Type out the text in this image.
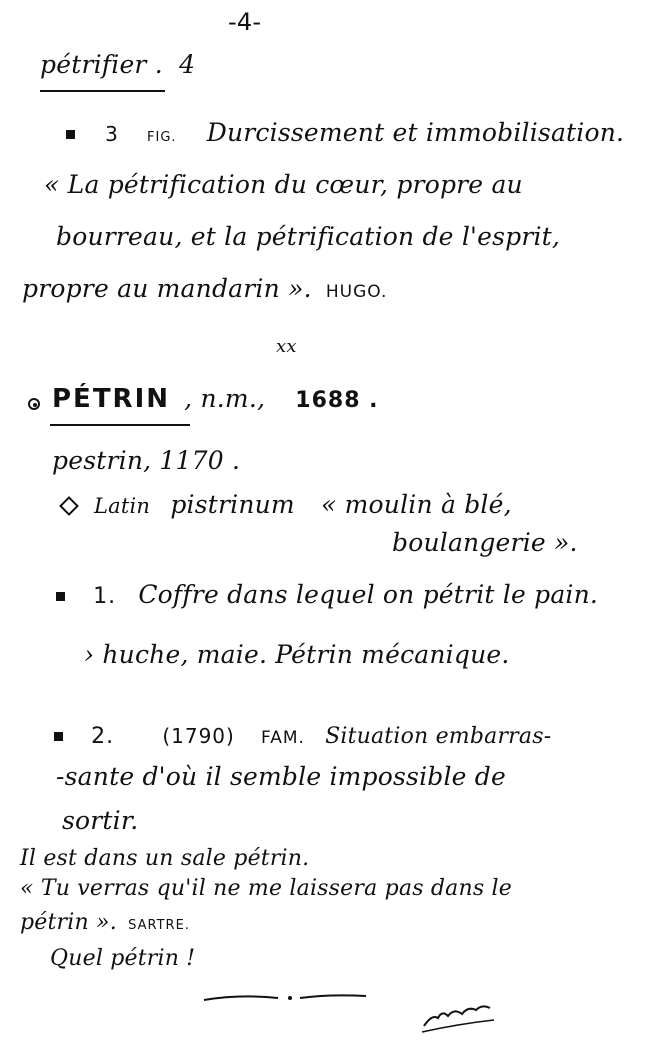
-4-
pétrifier . 4
3 FIG. Durcissement et immobilisation.
« La pétrification du cœur, propre au
bourreau, et la pétrification de l'esprit,
propre au mandarin ». HUGO.
xx
PÉTRIN , n.m., 1688 .
pestrin, 1170 .
Latin pistrinum « moulin à blé,
boulangerie ».
1. Coffre dans lequel on pétrit le pain.
› huche, maie. Pétrin mécanique.
2. (1790) FAM. Situation embarras-
-sante d'où il semble impossible de
sortir.
Il est dans un sale pétrin.
« Tu verras qu'il ne me laissera pas dans le
pétrin ». SARTRE.
Quel pétrin !
